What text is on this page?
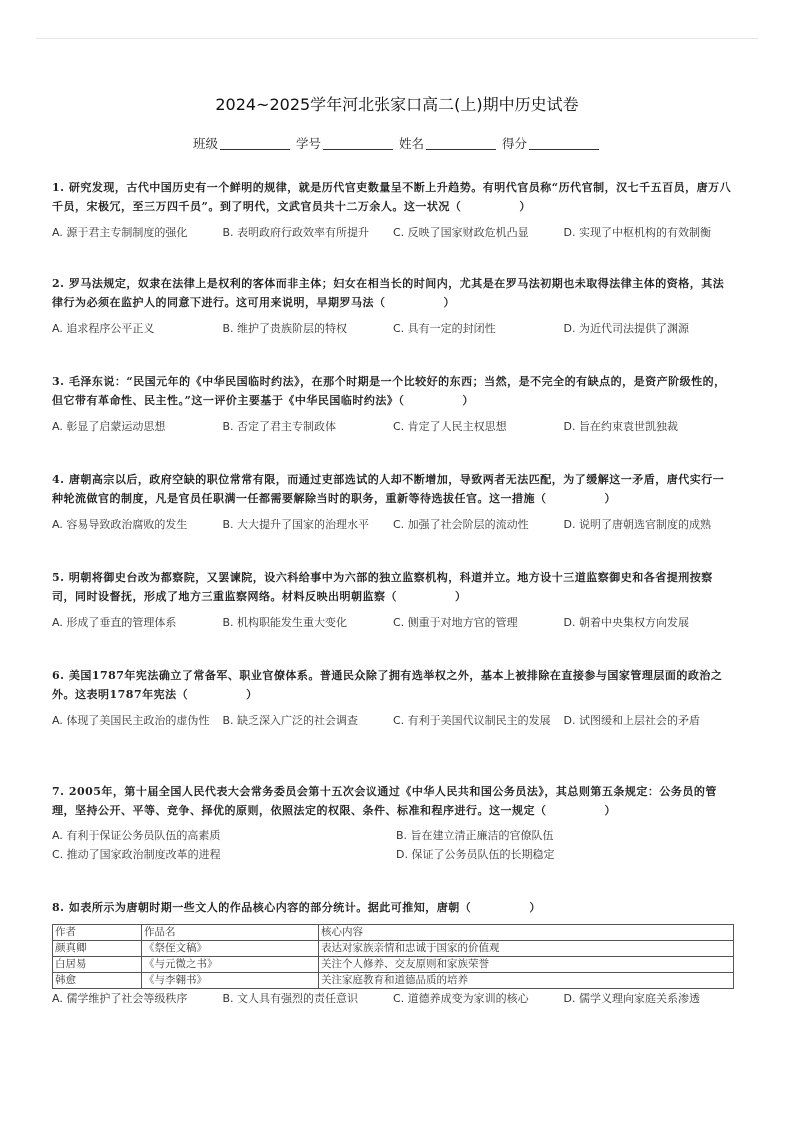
2024~2025学年河北张家口高二(上)期中历史试卷
班级	学号	姓名	得分
1. 研究发现，古代中国历史有一个鲜明的规律，就是历代官吏数量呈不断上升趋势。有明代官员称“历代官制，汉七千五百员，唐万八千员，宋极冗，至三万四千员”。到了明代，文武官员共十二万余人。这一状况（	）
A. 源于君主专制制度的强化	B. 表明政府行政效率有所提升	C. 反映了国家财政危机凸显	D. 实现了中枢机构的有效制衡
2. 罗马法规定，奴隶在法律上是权利的客体而非主体；妇女在相当长的时间内，尤其是在罗马法初期也未取得法律主体的资格，其法律行为必须在监护人的同意下进行。这可用来说明，早期罗马法（	）
A. 追求程序公平正义	B. 维护了贵族阶层的特权	C. 具有一定的封闭性	D. 为近代司法提供了渊源
3. 毛泽东说：“民国元年的《中华民国临时约法》，在那个时期是一个比较好的东西；当然，是不完全的有缺点的，是资产阶级性的，但它带有革命性、民主性。”这一评价主要基于《中华民国临时约法》（	）
A. 彰显了启蒙运动思想	B. 否定了君主专制政体	C. 肯定了人民主权思想	D. 旨在约束袁世凯独裁
4. 唐朝高宗以后，政府空缺的职位常常有限，而通过吏部选试的人却不断增加，导致两者无法匹配，为了缓解这一矛盾，唐代实行一种轮流做官的制度，凡是官员任职满一任都需要解除当时的职务，重新等待选拔任官。这一措施（	）
A. 容易导致政治腐败的发生	B. 大大提升了国家的治理水平	C. 加强了社会阶层的流动性	D. 说明了唐朝选官制度的成熟
5. 明朝将御史台改为都察院，又罢谏院，设六科给事中为六部的独立监察机构，科道并立。地方设十三道监察御史和各省提刑按察司，同时设督抚，形成了地方三重监察网络。材料反映出明朝监察（	）
A. 形成了垂直的管理体系	B. 机构职能发生重大变化	C. 侧重于对地方官的管理	D. 朝着中央集权方向发展
6. 美国1787年宪法确立了常备军、职业官僚体系。普通民众除了拥有选举权之外，基本上被排除在直接参与国家管理层面的政治之外。这表明1787年宪法（	）
A. 体现了美国民主政治的虚伪性	B. 缺乏深入广泛的社会调查	C. 有利于美国代议制民主的发展	D. 试图缓和上层社会的矛盾
7. 2005年，第十届全国人民代表大会常务委员会第十五次会议通过《中华人民共和国公务员法》，其总则第五条规定：公务员的管理，坚持公开、平等、竞争、择优的原则，依照法定的权限、条件、标准和程序进行。这一规定（	）
A. 有利于保证公务员队伍的高素质	B. 旨在建立清正廉洁的官僚队伍
C. 推动了国家政治制度改革的进程	D. 保证了公务员队伍的长期稳定
8. 如表所示为唐朝时期一些文人的作品核心内容的部分统计。据此可推知，唐朝（	）
作者	作品名	核心内容
颜真卿	《祭侄文稿》	表达对家族亲情和忠诚于国家的价值观
白居易	《与元微之书》	关注个人修养、交友原则和家族荣誉
韩愈	《与李翱书》	关注家庭教育和道德品质的培养
A. 儒学维护了社会等级秩序	B. 文人具有强烈的责任意识	C. 道德养成变为家训的核心	D. 儒学义理向家庭关系渗透
